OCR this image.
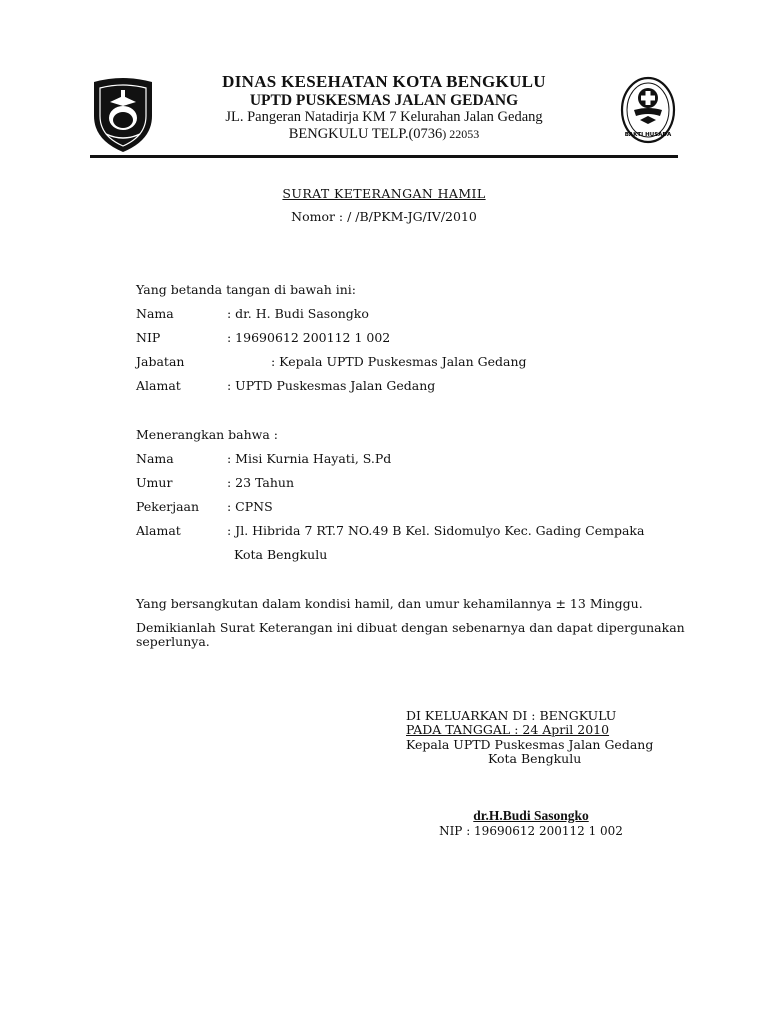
BAKTI HUSADA
DINAS KESEHATAN KOTA BENGKULU
UPTD PUSKESMAS JALAN GEDANG
JL. Pangeran Natadirja KM 7 Kelurahan Jalan Gedang
BENGKULU TELP.(0736) 22053
SURAT KETERANGAN HAMIL
Nomor : / /B/PKM-JG/IV/2010
Yang betanda tangan di bawah ini:
Nama	: dr. H. Budi Sasongko
NIP	: 19690612 200112 1 002
Jabatan	: Kepala UPTD Puskesmas Jalan Gedang
Alamat	: UPTD Puskesmas Jalan Gedang
Menerangkan bahwa :
Nama	: Misi Kurnia Hayati, S.Pd
Umur	: 23 Tahun
Pekerjaan : CPNS
Alamat	: Jl. Hibrida 7 RT.7 NO.49 B Kel. Sidomulyo Kec. Gading Cempaka
Kota Bengkulu
Yang bersangkutan dalam kondisi hamil, dan umur kehamilannya ± 13 Minggu.
Demikianlah Surat Keterangan ini dibuat dengan sebenarnya dan dapat dipergunakan
seperlunya.
DI KELUARKAN DI : BENGKULU
PADA TANGGAL : 24 April 2010
Kepala UPTD Puskesmas Jalan Gedang
Kota Bengkulu
dr.H.Budi Sasongko
NIP : 19690612 200112 1 002
